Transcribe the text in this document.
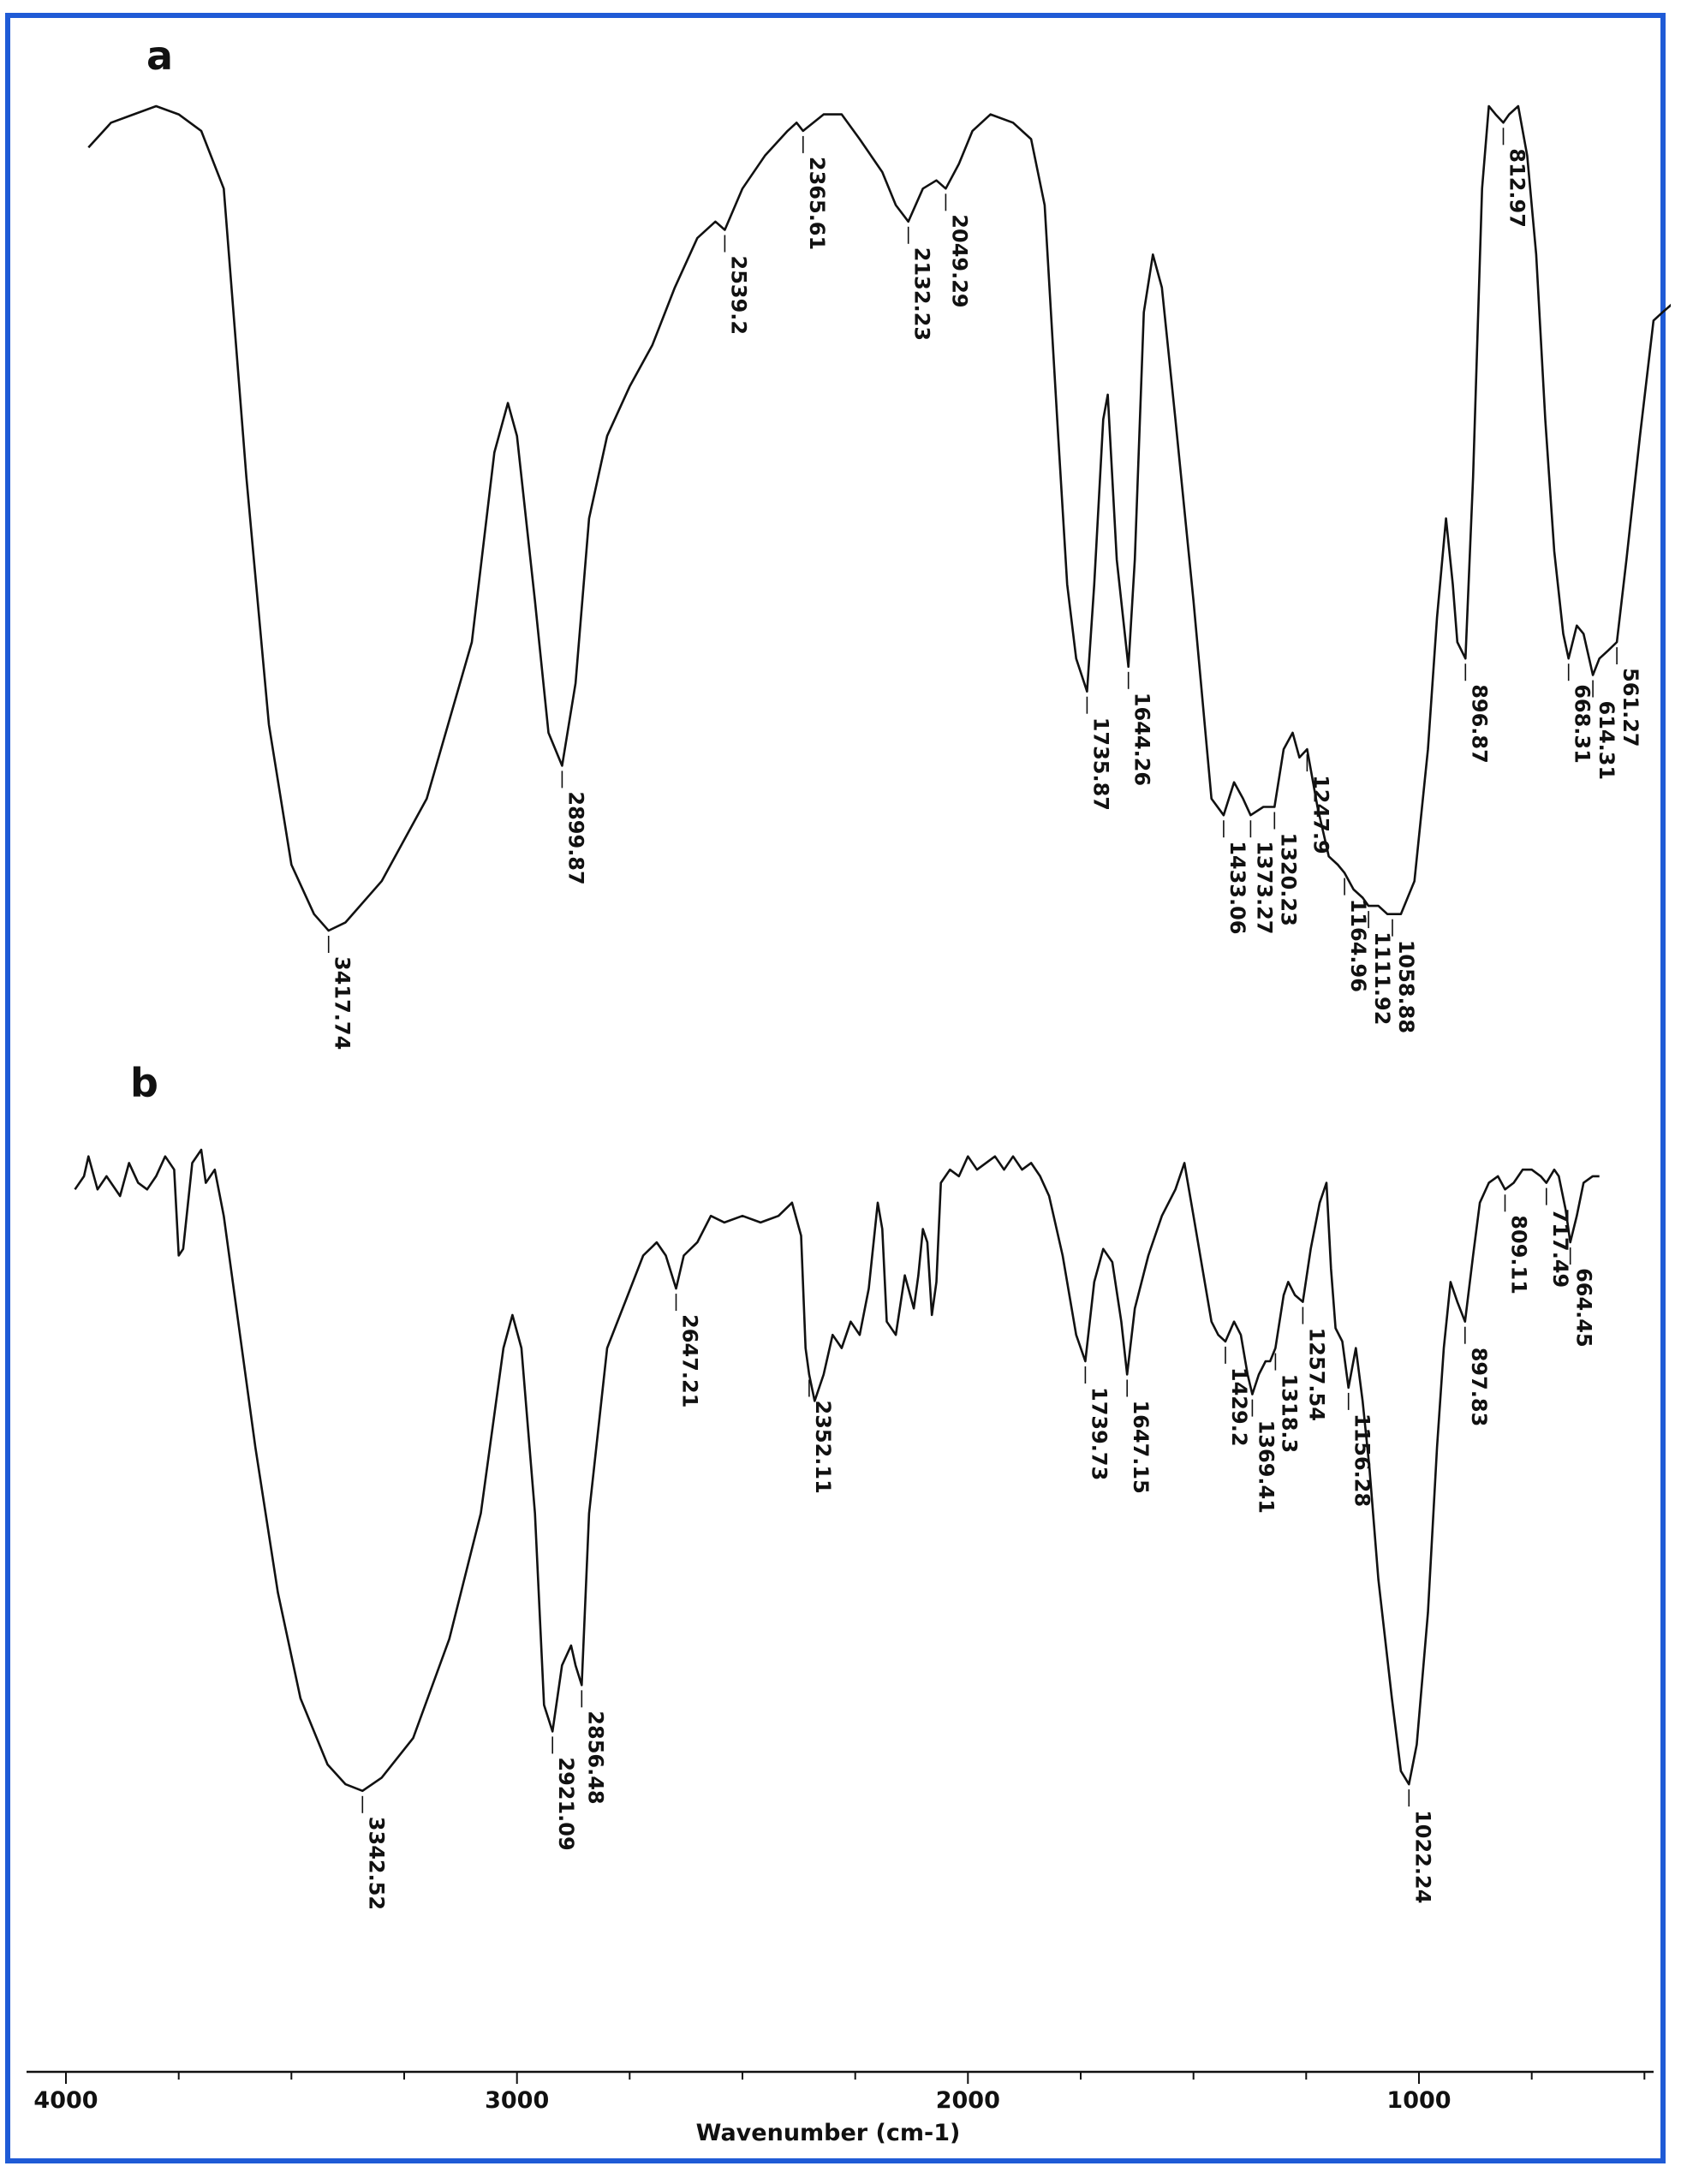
a
3417.74
2899.87
2539.2
2365.61
2132.23 2049.29
1735.87 1644.26
1433.06 1373.27 1320.23
1247.9
1164.96 1111.92 1058.88
896.87
812.97
668.31 614.31 561.27
b
3342.52
2921.09 2856.48
2647.21
2352.11	1739.73 1647.15	1429.2
1369.41
1318.3 1257.54
1156.28
1022.24
897.83
809.11 717.49
664.45
4000	3000	2000	1000
Wavenumber (cm-1)
